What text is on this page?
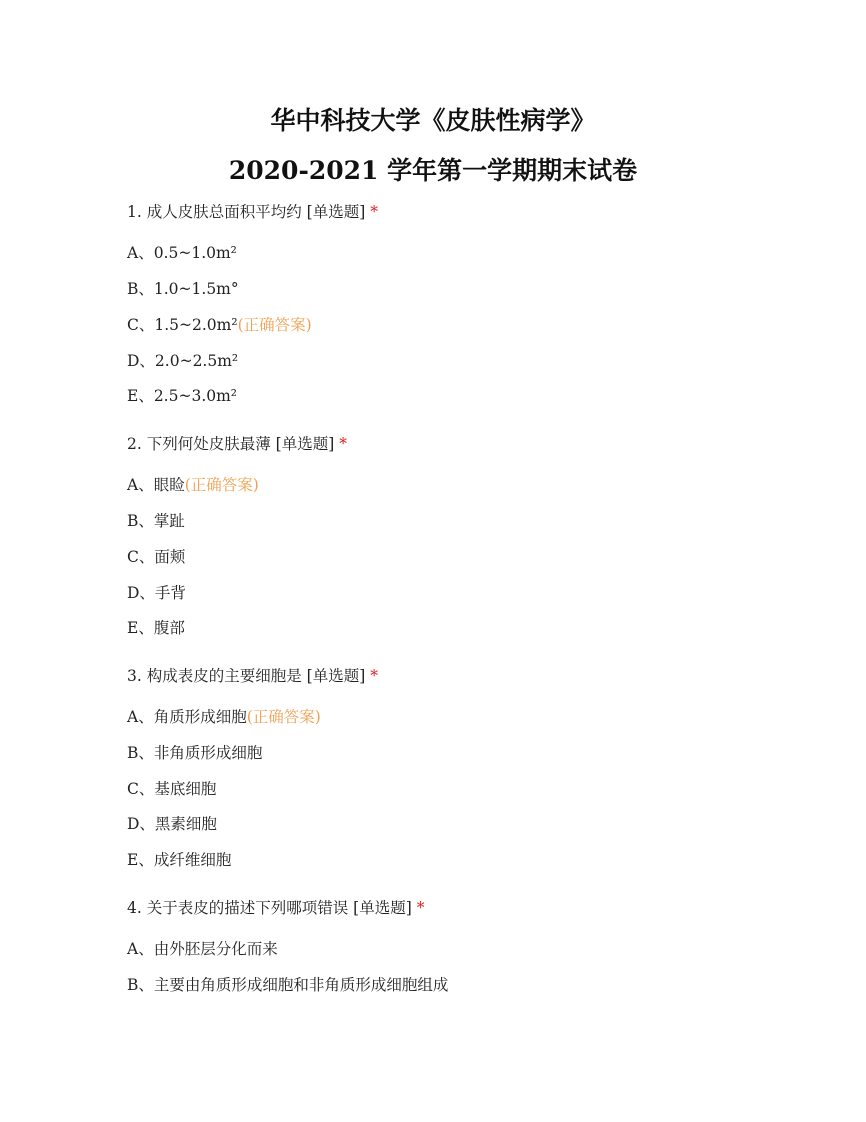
华中科技大学《皮肤性病学》
2020-2021 学年第一学期期末试卷
1. 成人皮肤总面积平均约 [单选题] *
A、0.5~1.0m²
B、1.0~1.5m°
C、1.5~2.0m²(正确答案)
D、2.0~2.5m²
E、2.5~3.0m²
2. 下列何处皮肤最薄 [单选题] *
A、眼睑(正确答案)
B、掌趾
C、面颊
D、手背
E、腹部
3. 构成表皮的主要细胞是 [单选题] *
A、角质形成细胞(正确答案)
B、非角质形成细胞
C、基底细胞
D、黑素细胞
E、成纤维细胞
4. 关于表皮的描述下列哪项错误 [单选题] *
A、由外胚层分化而来
B、主要由角质形成细胞和非角质形成细胞组成
